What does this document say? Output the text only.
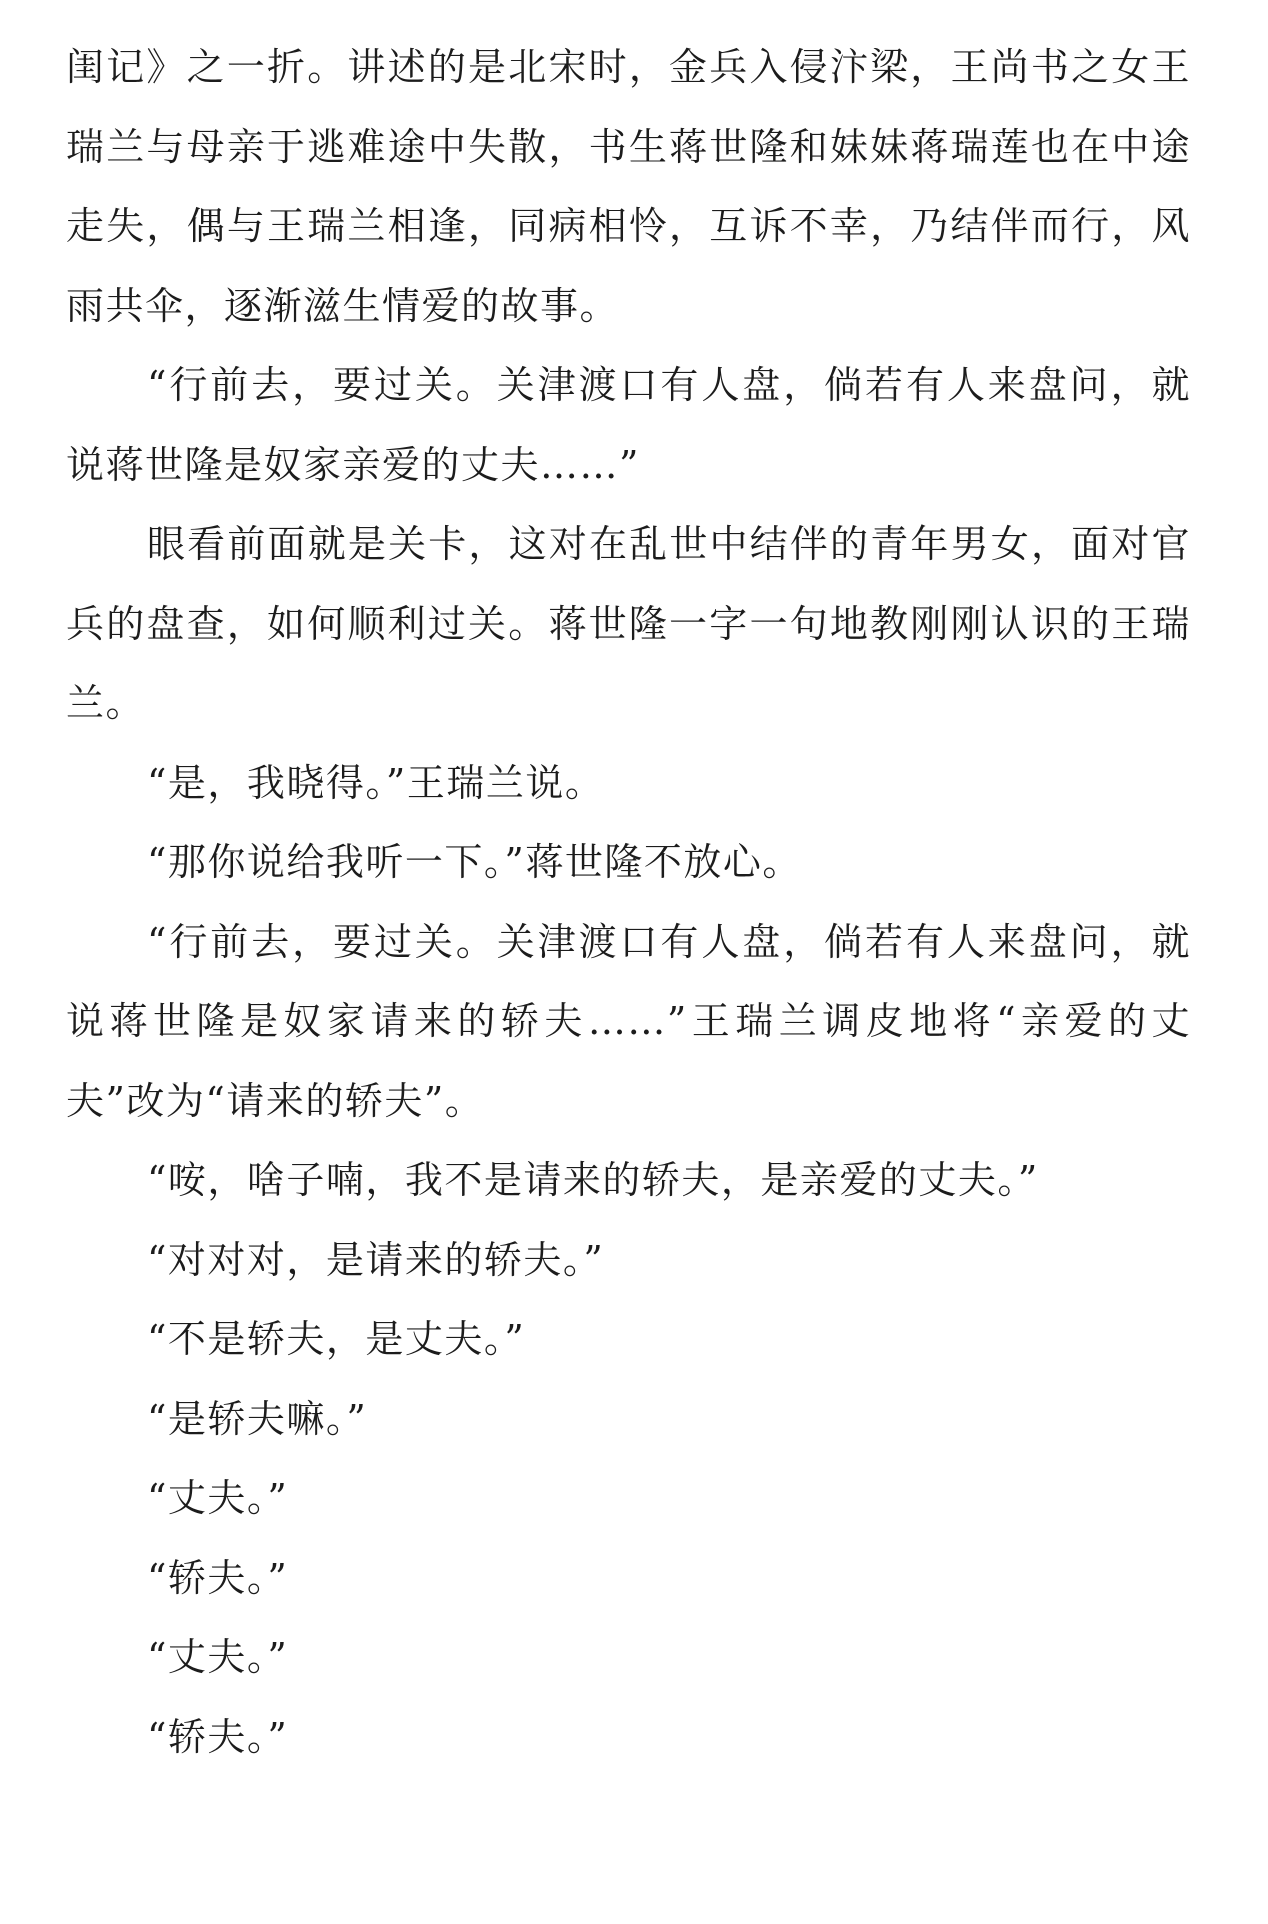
闺记》之一折。讲述的是北宋时，金兵入侵汴梁，王尚书之女王瑞兰与母亲于逃难途中失散，书生蒋世隆和妹妹蒋瑞莲也在中途走失，偶与王瑞兰相逢，同病相怜，互诉不幸，乃结伴而行，风雨共伞，逐渐滋生情爱的故事。

“行前去，要过关。关津渡口有人盘，倘若有人来盘问，就说蒋世隆是奴家亲爱的丈夫……”

眼看前面就是关卡，这对在乱世中结伴的青年男女，面对官兵的盘查，如何顺利过关。蒋世隆一字一句地教刚刚认识的王瑞兰。

“是，我晓得。”王瑞兰说。

“那你说给我听一下。”蒋世隆不放心。

“行前去，要过关。关津渡口有人盘，倘若有人来盘问，就说蒋世隆是奴家请来的轿夫……”王瑞兰调皮地将“亲爱的丈夫”改为“请来的轿夫”。

“咹，啥子喃，我不是请来的轿夫，是亲爱的丈夫。”

“对对对，是请来的轿夫。”

“不是轿夫，是丈夫。”

“是轿夫嘛。”

“丈夫。”

“轿夫。”

“丈夫。”

“轿夫。”
